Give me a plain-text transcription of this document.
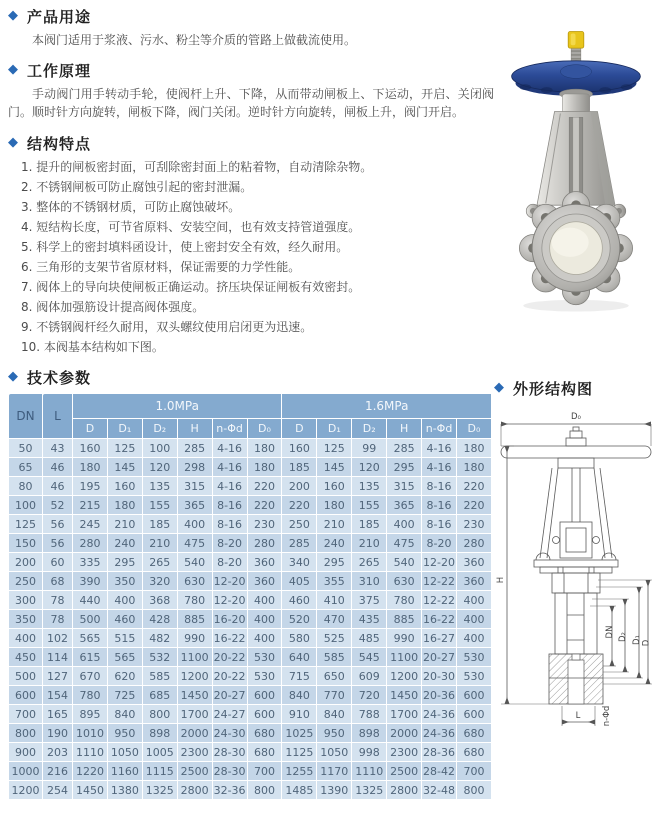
◆ 产品用途

本阀门适用于浆液、污水、粉尘等介质的管路上做截流使用。

◆ 工作原理

手动阀门用手转动手轮，使阀杆上升、下降，从而带动闸板上、下运动，开启、关闭阀门。顺时针方向旋转，闸板下降，阀门关闭。逆时针方向旋转，闸板上升，阀门开启。

◆ 结构特点
1. 提升的闸板密封面，可刮除密封面上的粘着物，自动清除杂物。
2. 不锈钢闸板可防止腐蚀引起的密封泄漏。
3. 整体的不锈钢材质，可防止腐蚀破坏。
4. 短结构长度，可节省原料、安装空间，也有效支持管道强度。
5. 科学上的密封填料函设计，使上密封安全有效，经久耐用。
6. 三角形的支架节省原材料，保证需要的力学性能。
7. 阀体上的导向块使闸板正确运动。挤压块保证闸板有效密封。
8. 阀体加强筋设计提高阀体强度。
9. 不锈钢阀杆经久耐用，双头螺纹使用启闭更为迅速。
10. 本阀基本结构如下图。
◆ 技术参数
DN	L	1.0MPa						1.6MPa					
		D	D₁	D₂	H	n-Φd	D₀	D	D₁	D₂	H	n-Φd	D₀
50	43	160	125	100	285	4-16	180	160	125	99	285	4-16	180
65	46	180	145	120	298	4-16	180	185	145	120	295	4-16	180
80	46	195	160	135	315	4-16	220	200	160	135	315	8-16	220
100	52	215	180	155	365	8-16	220	220	180	155	365	8-16	220
125	56	245	210	185	400	8-16	230	250	210	185	400	8-16	230
150	56	280	240	210	475	8-20	280	285	240	210	475	8-20	280
200	60	335	295	265	540	8-20	360	340	295	265	540	12-20	360
250	68	390	350	320	630	12-20	360	405	355	310	630	12-22	360
300	78	440	400	368	780	12-20	400	460	410	375	780	12-22	400
350	78	500	460	428	885	16-20	400	520	470	435	885	16-22	400
400	102	565	515	482	990	16-22	400	580	525	485	990	16-27	400
450	114	615	565	532	1100	20-22	530	640	585	545	1100	20-27	530
500	127	670	620	585	1200	20-22	530	715	650	609	1200	20-30	530
600	154	780	725	685	1450	20-27	600	840	770	720	1450	20-36	600
700	165	895	840	800	1700	24-27	600	910	840	788	1700	24-36	600
800	190	1010	950	898	2000	24-30	680	1025	950	898	2000	24-36	680
900	203	1110	1050	1005	2300	28-30	680	1125	1050	998	2300	28-36	680
1000	216	1220	1160	1115	2500	28-30	700	1255	1170	1110	2500	28-42	700
1200	254	1450	1380	1325	2800	32-36	800	1485	1390	1325	2800	32-48	800
◆ 外形结构图
D₀
H
DN D₂ D₁ D
L	n-Φd
